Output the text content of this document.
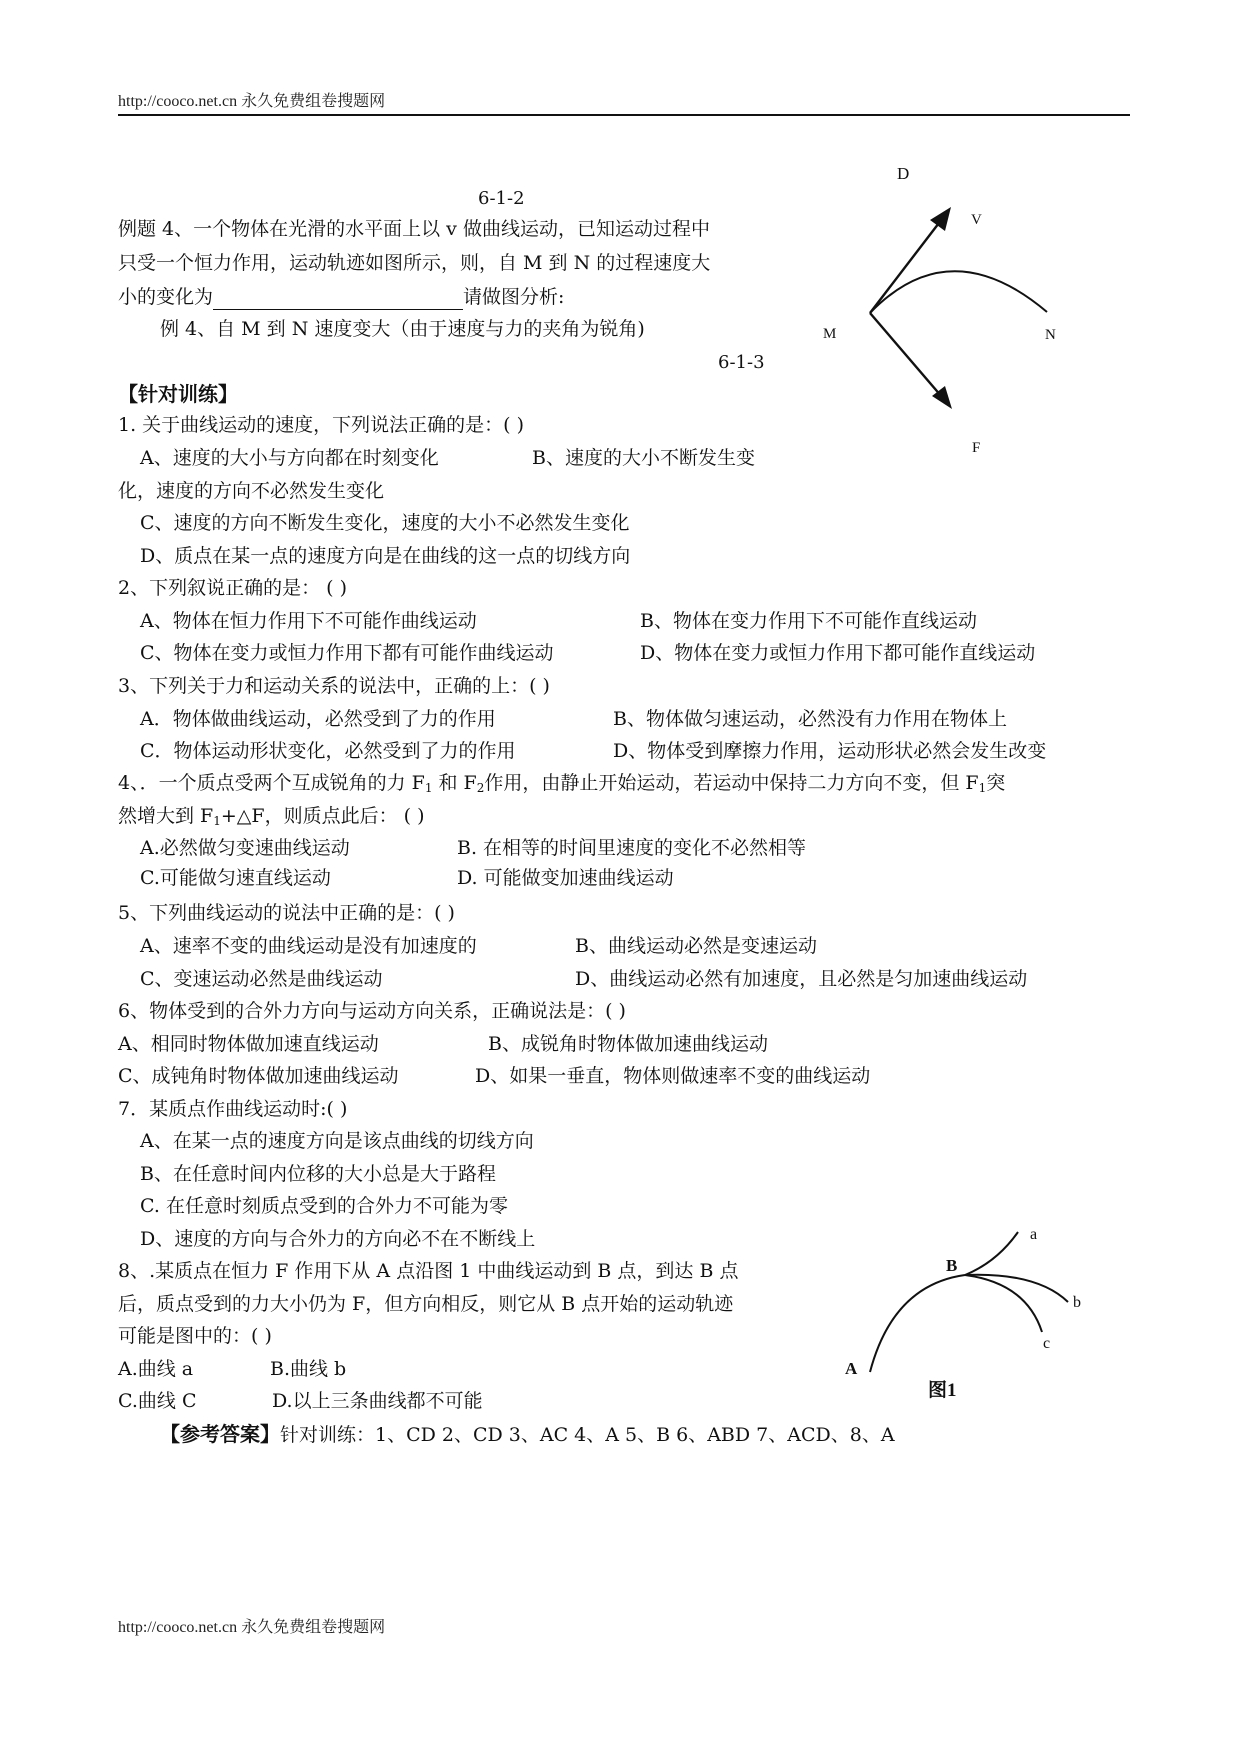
http://cooco.net.cn 永久免费组卷搜题网
6-1-2
例题 4、一个物体在光滑的水平面上以 v 做曲线运动，已知运动过程中
只受一个恒力作用，运动轨迹如图所示，则，自 M 到 N 的过程速度大
小的变化为	请做图分析:
例 4、自 M 到 N 速度变大（由于速度与力的夹角为锐角)
6-1-3
D
V
M	N
F
【针对训练】
1. 关于曲线运动的速度，下列说法正确的是：( )
A、速度的大小与方向都在时刻变化	B、速度的大小不断发生变
化，速度的方向不必然发生变化
C、速度的方向不断发生变化，速度的大小不必然发生变化
D、质点在某一点的速度方向是在曲线的这一点的切线方向
2、下列叙说正确的是： ( )
A、物体在恒力作用下不可能作曲线运动	B、物体在变力作用下不可能作直线运动
C、物体在变力或恒力作用下都有可能作曲线运动	D、物体在变力或恒力作用下都可能作直线运动
3、下列关于力和运动关系的说法中，正确的上：( )
A．物体做曲线运动，必然受到了力的作用	B、物体做匀速运动，必然没有力作用在物体上
C．物体运动形状变化，必然受到了力的作用	D、物体受到摩擦力作用，运动形状必然会发生改变
4、．一个质点受两个互成锐角的力 $F_1$ 和 $F_2$作用，由静止开始运动，若运动中保持二力方向不变，但 $F_1$突
然增大到 $F_1+\triangle F$，则质点此后： ( )
A.必然做匀变速曲线运动	B. 在相等的时间里速度的变化不必然相等
C.可能做匀速直线运动	D. 可能做变加速曲线运动
5、下列曲线运动的说法中正确的是：( )
A、速率不变的曲线运动是没有加速度的	B、曲线运动必然是变速运动
C、变速运动必然是曲线运动	D、曲线运动必然有加速度，且必然是匀加速曲线运动
6、物体受到的合外力方向与运动方向关系，正确说法是：( )
A、相同时物体做加速直线运动	B、成锐角时物体做加速曲线运动
C、成钝角时物体做加速曲线运动	D、如果一垂直，物体则做速率不变的曲线运动
7．某质点作曲线运动时:( )
A、在某一点的速度方向是该点曲线的切线方向
B、在任意时间内位移的大小总是大于路程
C. 在任意时刻质点受到的合外力不可能为零
D、速度的方向与合外力的方向必不在不断线上
8、.某质点在恒力 F 作用下从 A 点沿图 1 中曲线运动到 B 点，到达 B 点
后，质点受到的力大小仍为 F，但方向相反，则它从 B 点开始的运动轨迹
可能是图中的：( )
A.曲线 a	B.曲线 b
C.曲线 C	D.以上三条曲线都不可能
A
B
a
b
c
图1
【参考答案】针对训练：1、CD 2、CD 3、AC 4、A 5、B 6、ABD 7、ACD、8、A
http://cooco.net.cn 永久免费组卷搜题网
